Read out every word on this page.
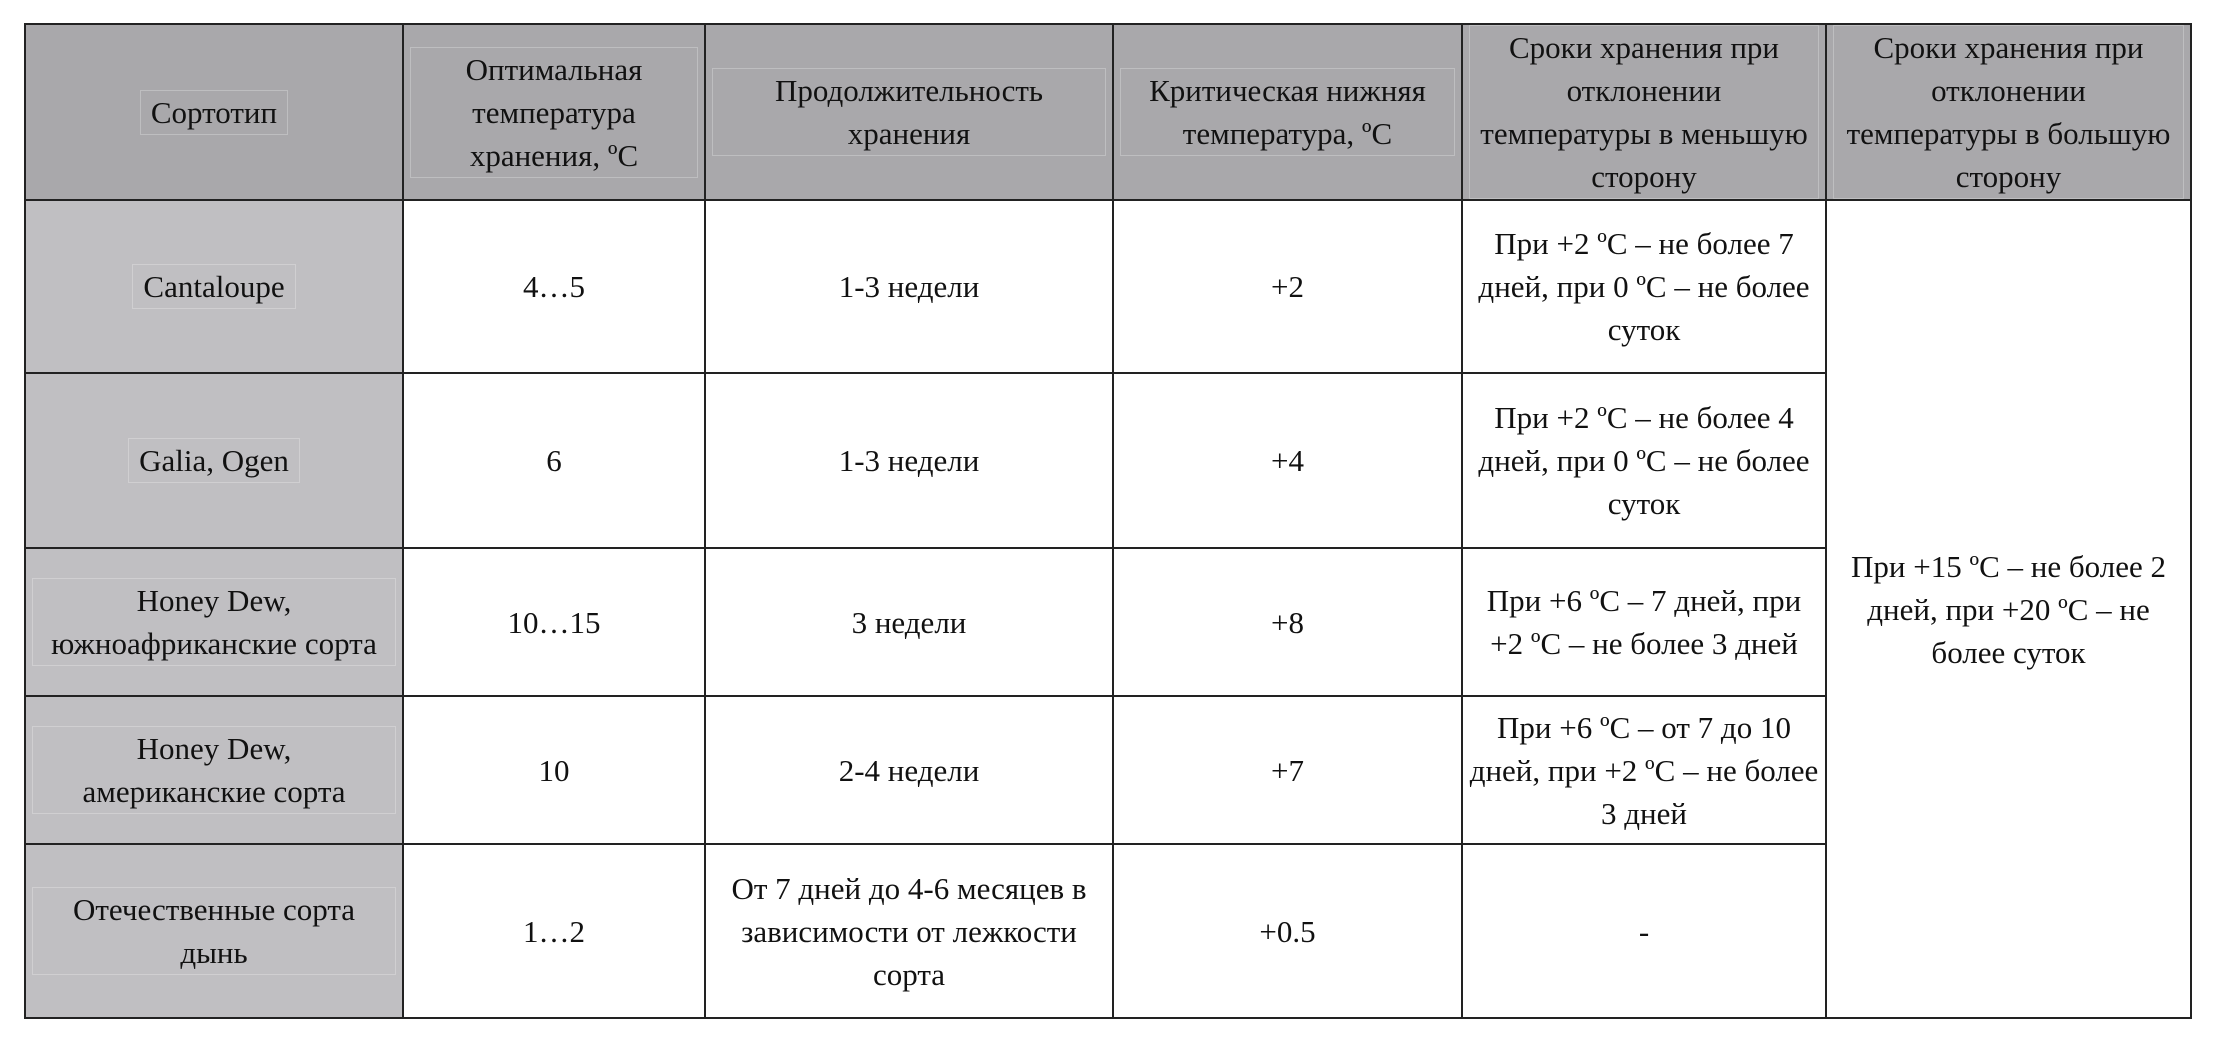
Сортотип	Оптимальная температура хранения, ºС	Продолжительность хранения	Критическая нижняя температура, ºС	Сроки хранения при отклонении температуры в меньшую сторону	Сроки хранения при отклонении температуры в большую сторону
Cantaloupe	4…5	1-3 недели	+2	При +2 ºС – не более 7 дней, при 0 ºС – не более суток	При +15 ºС – не более 2 дней, при +20 ºС – не более суток
Galia, Ogen	6	1-3 недели	+4	При +2 ºС – не более 4 дней, при 0 ºС – не более суток	
Honey Dew, южноафриканские сорта	10…15	3 недели	+8	При +6 ºС – 7 дней, при +2 ºС – не более 3 дней	
Honey Dew, американские сорта	10	2-4 недели	+7	При +6 ºС – от 7 до 10 дней, при +2 ºС – не более 3 дней	
Отечественные сорта дынь	1…2	От 7 дней до 4-6 месяцев в зависимости от лежкости сорта	+0.5	-	
